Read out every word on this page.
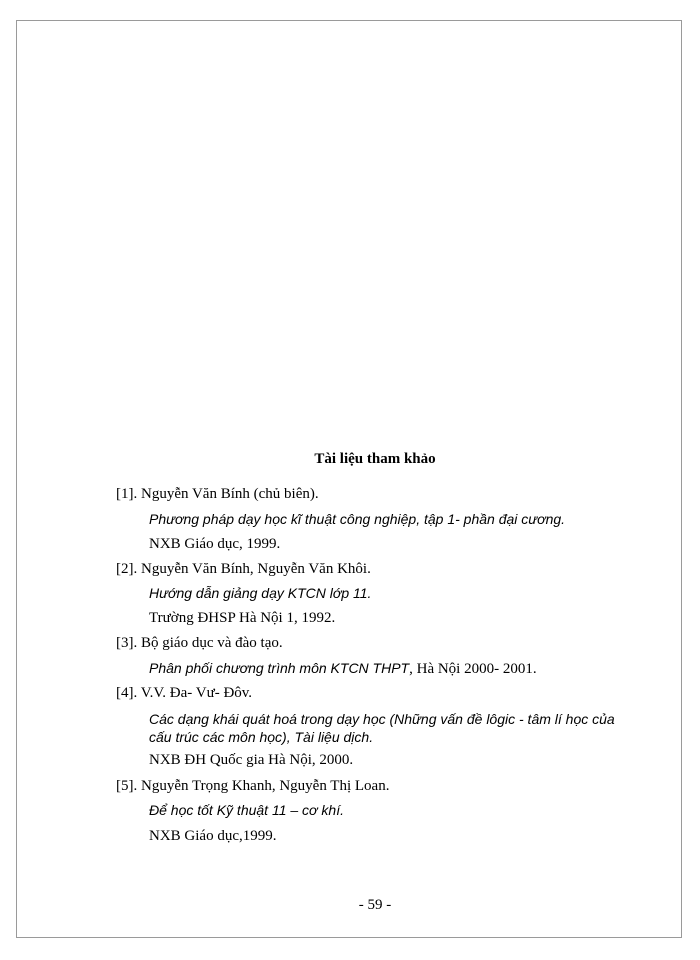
Tài liệu tham khảo
[1]. Nguyễn Văn Bính (chủ biên).
Phương pháp dạy học kĩ thuật công nghiệp, tập 1- phần đại cương.
NXB Giáo dục, 1999.
[2]. Nguyễn Văn Bính, Nguyễn Văn Khôi.
Hướng dẫn giảng dạy KTCN lớp 11.
Trường ĐHSP Hà Nội 1, 1992.
[3]. Bộ giáo dục và đào tạo.
Phân phối chương trình môn KTCN THPT, Hà Nội 2000- 2001.
[4]. V.V. Đa- Vư- Đôv.
Các dạng khái quát hoá trong dạy học (Những vấn đề lôgic - tâm lí học của cấu trúc các môn học), Tài liệu dịch.
NXB ĐH Quốc gia Hà Nội, 2000.
[5]. Nguyễn Trọng Khanh, Nguyễn Thị Loan.
Để học tốt Kỹ thuật 11 – cơ khí.
NXB Giáo dục,1999.
- 59 -
